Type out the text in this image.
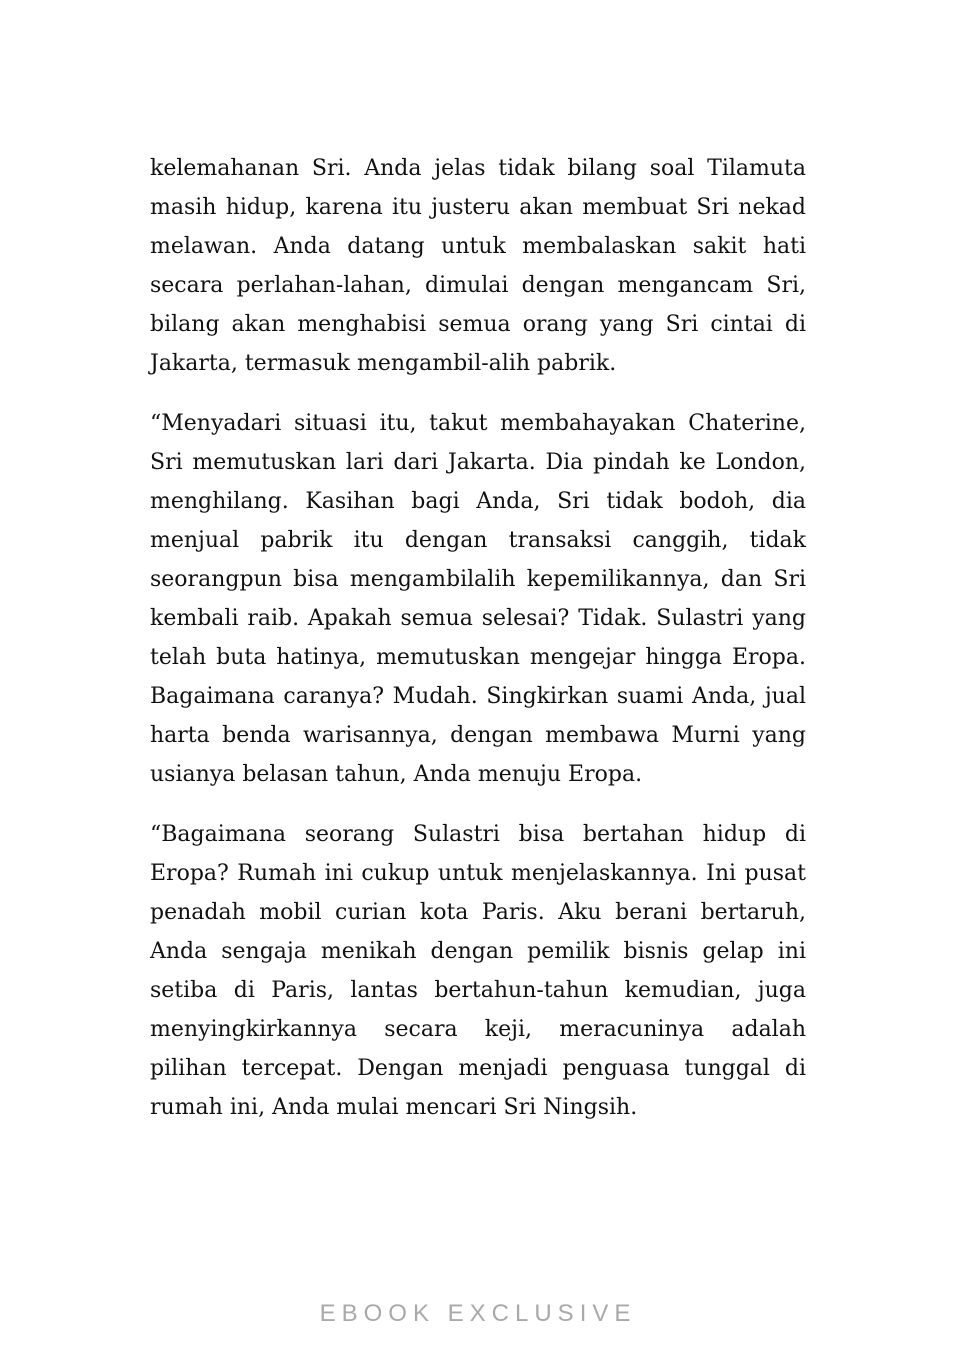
kelemahanan Sri. Anda jelas tidak bilang soal Tilamuta masih hidup, karena itu justeru akan membuat Sri nekad melawan. Anda datang untuk membalaskan sakit hati secara perlahan-lahan, dimulai dengan mengancam Sri, bilang akan menghabisi semua orang yang Sri cintai di Jakarta, termasuk mengambil-alih pabrik.

“Menyadari situasi itu, takut membahayakan Chaterine, Sri memutuskan lari dari Jakarta. Dia pindah ke London, menghilang. Kasihan bagi Anda, Sri tidak bodoh, dia menjual pabrik itu dengan transaksi canggih, tidak seorangpun bisa mengambilalih kepemilikannya, dan Sri kembali raib. Apakah semua selesai? Tidak. Sulastri yang telah buta hatinya, memutuskan mengejar hingga Eropa. Bagaimana caranya? Mudah. Singkirkan suami Anda, jual harta benda warisannya, dengan membawa Murni yang usianya belasan tahun, Anda menuju Eropa.

“Bagaimana seorang Sulastri bisa bertahan hidup di Eropa? Rumah ini cukup untuk menjelaskannya. Ini pusat penadah mobil curian kota Paris. Aku berani bertaruh, Anda sengaja menikah dengan pemilik bisnis gelap ini setiba di Paris, lantas bertahun-tahun kemudian, juga menyingkirkannya secara keji, meracuninya adalah pilihan tercepat. Dengan menjadi penguasa tunggal di rumah ini, Anda mulai mencari Sri Ningsih.

EBOOK EXCLUSIVE
